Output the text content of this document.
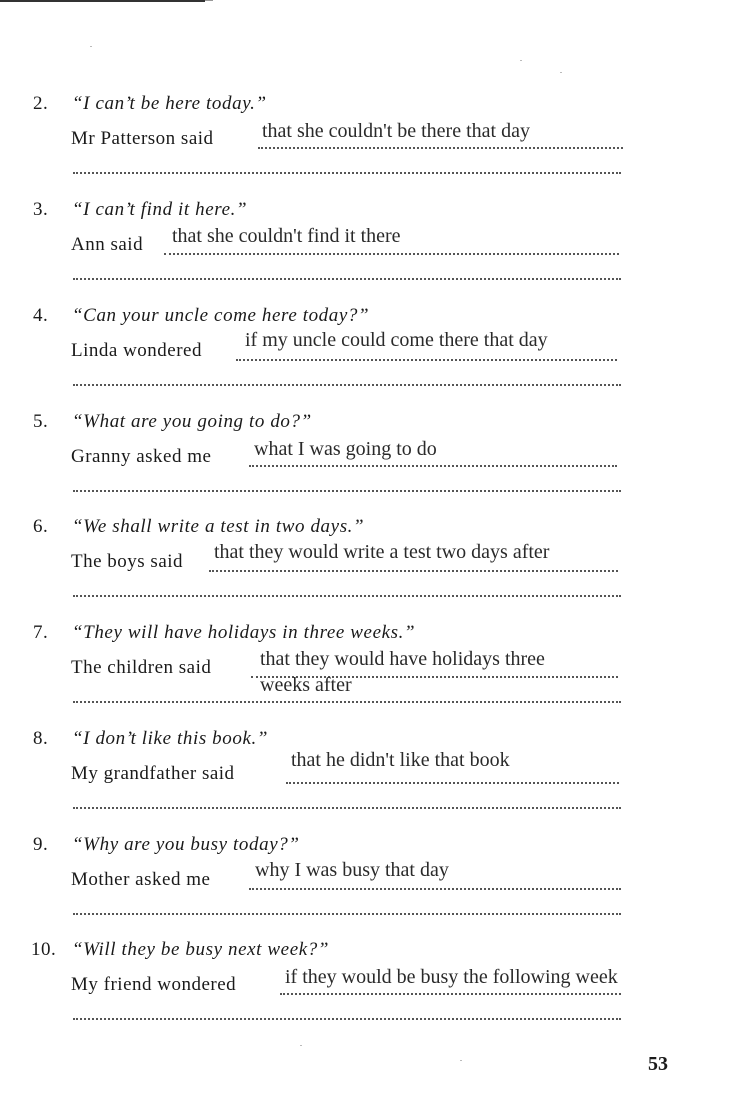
2. “I can’t be here today.”
Mr Patterson said that she couldn't be there that day
3. “I can’t find it here.”
Ann said that she couldn't find it there
4. “Can your uncle come here today?”
Linda wondered if my uncle could come there that day
5. “What are you going to do?”
Granny asked me what I was going to do
6. “We shall write a test in two days.”
The boys said that they would write a test two days after
7. “They will have holidays in three weeks.”
The children said that they would have holidays three
weeks after
8. “I don’t like this book.”
My grandfather said
that he didn't like that book
9. “Why are you busy today?”
Mother asked me why I was busy that day
10. “Will they be busy next week?”
My friend wondered if they would be busy the following week
53
